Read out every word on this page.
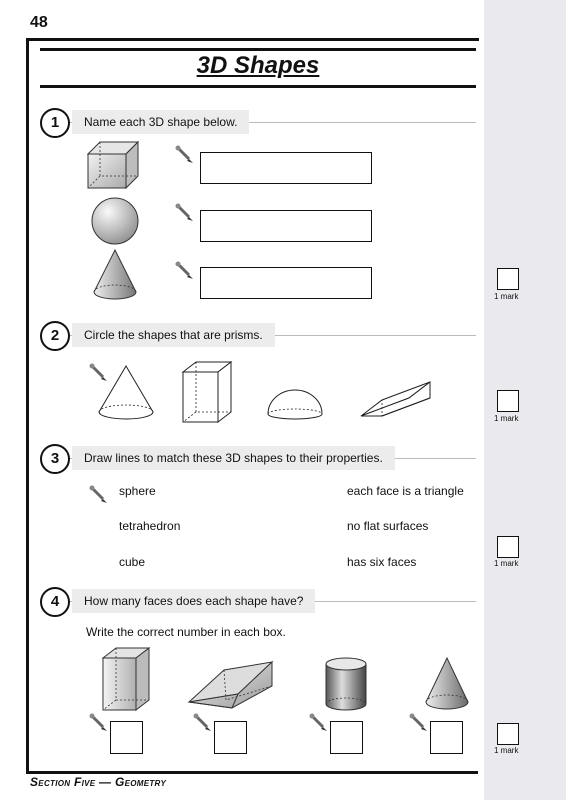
48
3D Shapes
1	Name each 3D shape below.
1 mark
2	Circle the shapes that are prisms.
1 mark
3	Draw lines to match these 3D shapes to their properties.
sphere
tetrahedron
cube
each face is a triangle
no flat surfaces
has six faces	1 mark
4	How many faces does each shape have?
Write the correct number in each box.
1 mark
Section Five — Geometry
